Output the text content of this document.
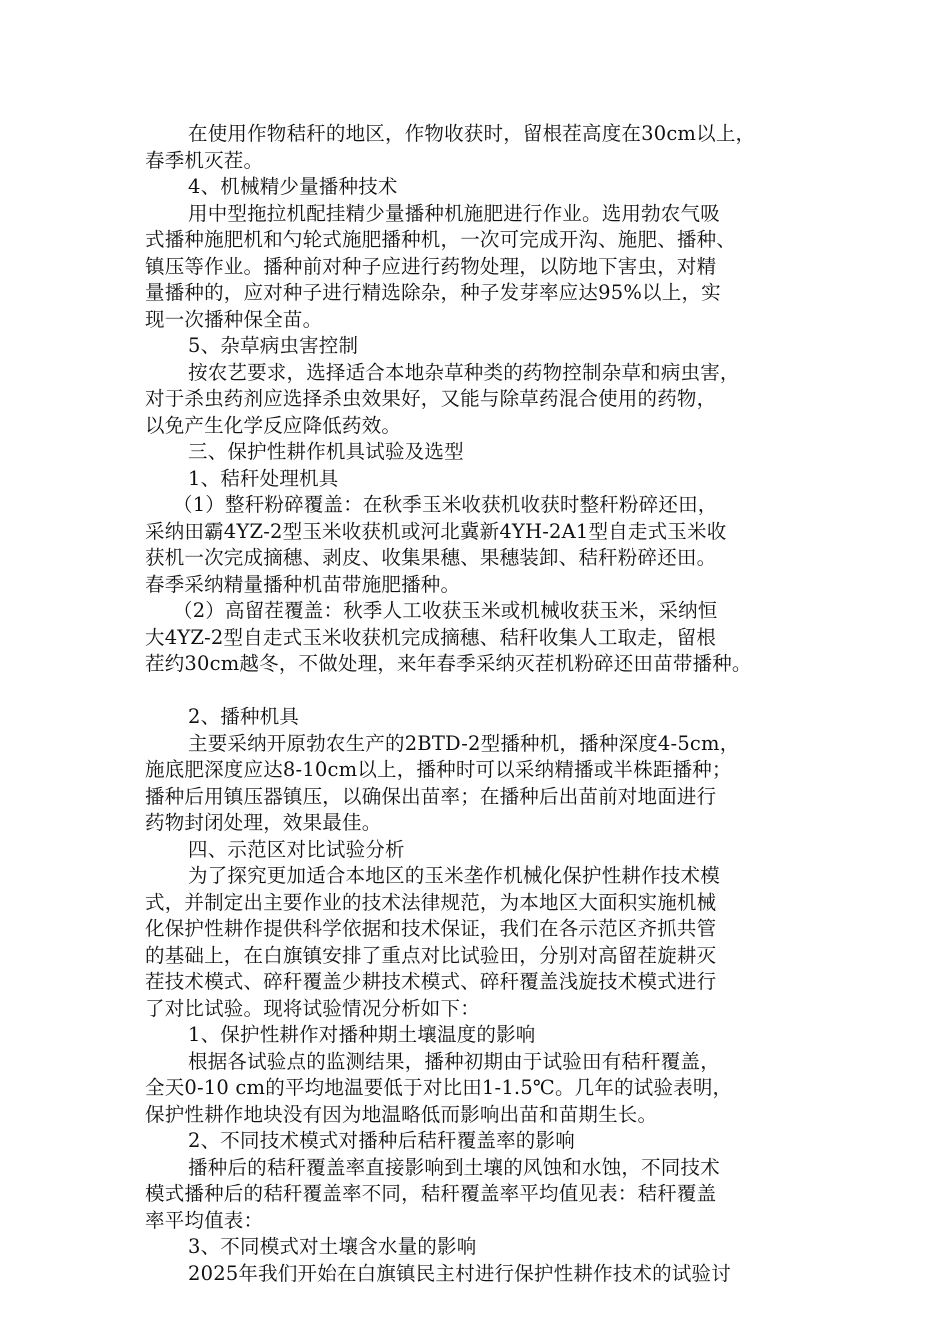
在使用作物秸秆的地区，作物收获时，留根茬高度在30cm以上，
春季机灭茬。
4、机械精少量播种技术
用中型拖拉机配挂精少量播种机施肥进行作业。选用勃农气吸
式播种施肥机和勺轮式施肥播种机，一次可完成开沟、施肥、播种、
镇压等作业。播种前对种子应进行药物处理，以防地下害虫，对精
量播种的，应对种子进行精选除杂，种子发芽率应达95%以上，实
现一次播种保全苗。
5、杂草病虫害控制
按农艺要求，选择适合本地杂草种类的药物控制杂草和病虫害，
对于杀虫药剂应选择杀虫效果好，又能与除草药混合使用的药物，
以免产生化学反应降低药效。
三、保护性耕作机具试验及选型
1、秸秆处理机具
（1）整秆粉碎覆盖：在秋季玉米收获机收获时整秆粉碎还田，
采纳田霸4YZ-2型玉米收获机或河北冀新4YH-2A1型自走式玉米收
获机一次完成摘穗、剥皮、收集果穗、果穗装卸、秸秆粉碎还田。
春季采纳精量播种机苗带施肥播种。
（2）高留茬覆盖：秋季人工收获玉米或机械收获玉米，采纳恒
大4YZ-2型自走式玉米收获机完成摘穗、秸秆收集人工取走，留根
茬约30cm越冬，不做处理，来年春季采纳灭茬机粉碎还田苗带播种。
2、播种机具
主要采纳开原勃农生产的2BTD-2型播种机，播种深度4-5cm，
施底肥深度应达8-10cm以上，播种时可以采纳精播或半株距播种；
播种后用镇压器镇压，以确保出苗率；在播种后出苗前对地面进行
药物封闭处理，效果最佳。
四、示范区对比试验分析
为了探究更加适合本地区的玉米垄作机械化保护性耕作技术模
式，并制定出主要作业的技术法律规范，为本地区大面积实施机械
化保护性耕作提供科学依据和技术保证，我们在各示范区齐抓共管
的基础上，在白旗镇安排了重点对比试验田，分别对高留茬旋耕灭
茬技术模式、碎秆覆盖少耕技术模式、碎秆覆盖浅旋技术模式进行
了对比试验。现将试验情况分析如下：
1、保护性耕作对播种期土壤温度的影响
根据各试验点的监测结果，播种初期由于试验田有秸秆覆盖，
全天0-10 cm的平均地温要低于对比田1-1.5℃。几年的试验表明，
保护性耕作地块没有因为地温略低而影响出苗和苗期生长。
2、不同技术模式对播种后秸秆覆盖率的影响
播种后的秸秆覆盖率直接影响到土壤的风蚀和水蚀，不同技术
模式播种后的秸秆覆盖率不同，秸秆覆盖率平均值见表：秸秆覆盖
率平均值表：
3、不同模式对土壤含水量的影响
2025年我们开始在白旗镇民主村进行保护性耕作技术的试验讨
